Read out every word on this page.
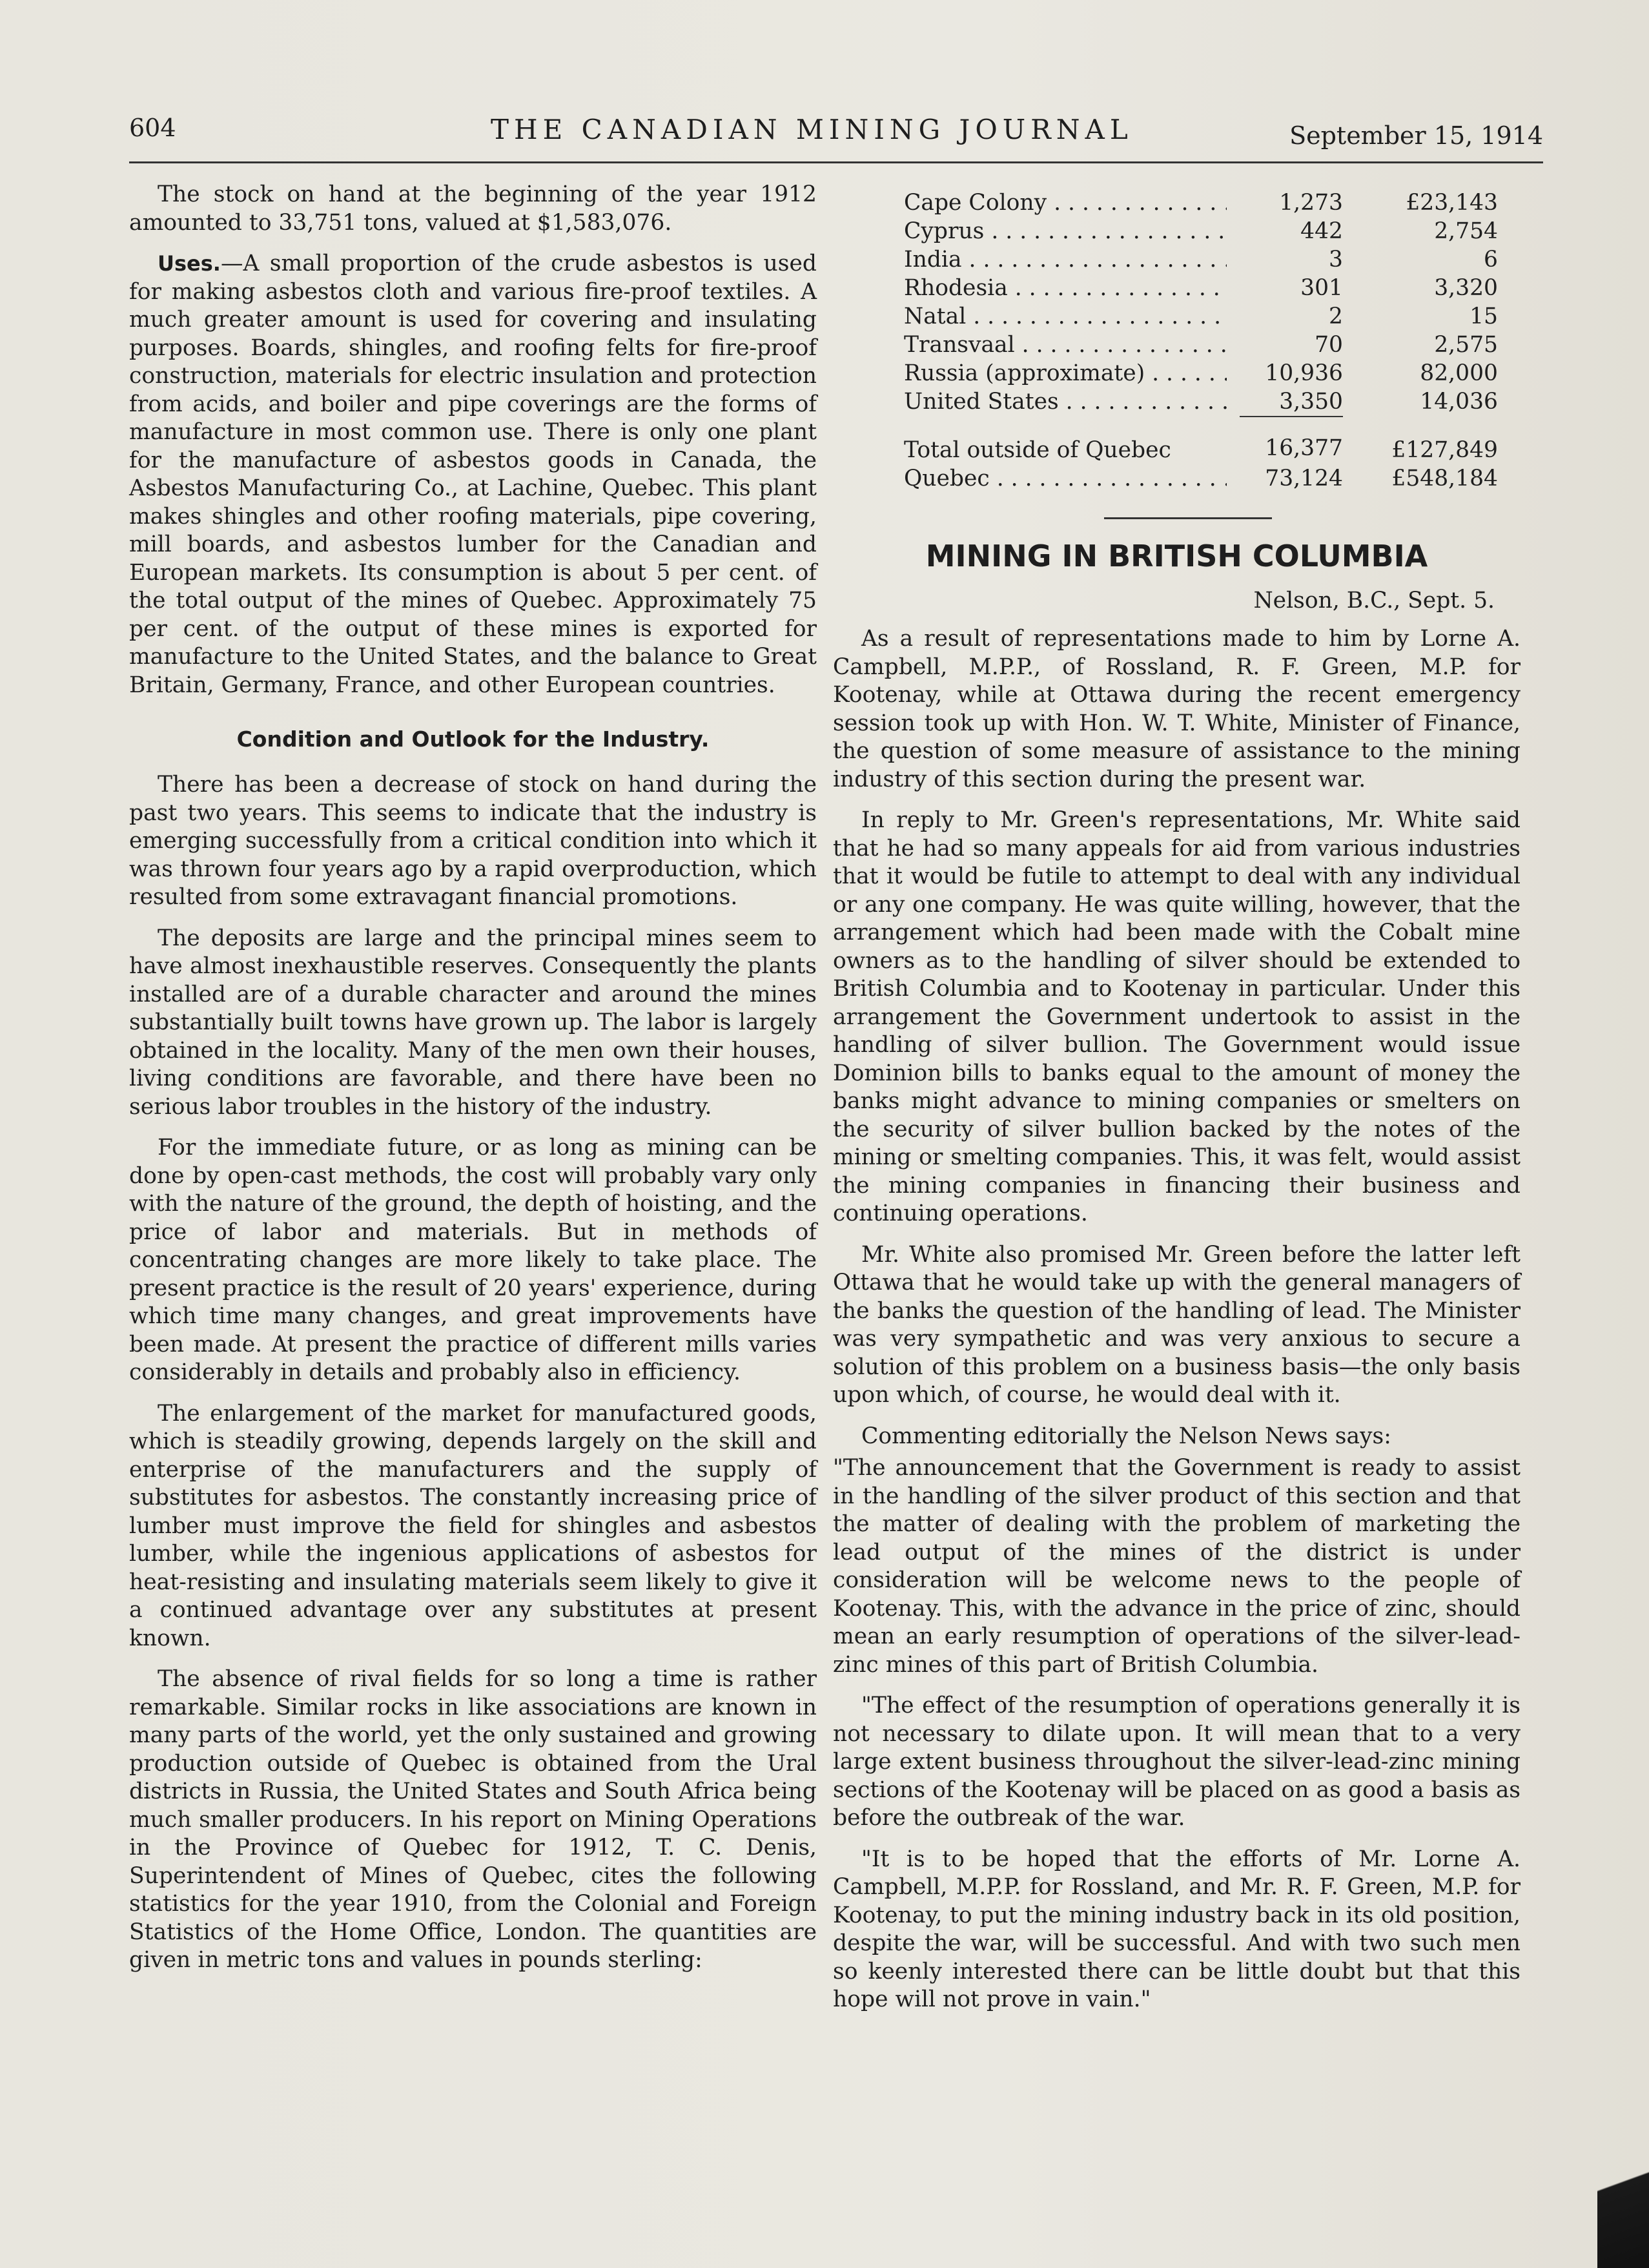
604	THE CANADIAN MINING JOURNAL	September 15, 1914

The stock on hand at the beginning of the year 1912 amounted to 33,751 tons, valued at $1,583,076.

Uses.—A small proportion of the crude asbestos is used for making asbestos cloth and various fire-proof textiles. A much greater amount is used for covering and insulating purposes. Boards, shingles, and roofing felts for fire-proof construction, materials for electric insulation and protection from acids, and boiler and pipe coverings are the forms of manufacture in most common use. There is only one plant for the manufacture of asbestos goods in Canada, the Asbestos Manufacturing Co., at Lachine, Quebec. This plant makes shingles and other roofing materials, pipe covering, mill boards, and asbestos lumber for the Canadian and European markets. Its consumption is about 5 per cent. of the total output of the mines of Quebec. Approximately 75 per cent. of the output of these mines is exported for manufacture to the United States, and the balance to Great Britain, Germany, France, and other European countries.

Condition and Outlook for the Industry.

There has been a decrease of stock on hand during the past two years. This seems to indicate that the industry is emerging successfully from a critical condition into which it was thrown four years ago by a rapid overproduction, which resulted from some extravagant financial promotions.

The deposits are large and the principal mines seem to have almost inexhaustible reserves. Consequently the plants installed are of a durable character and around the mines substantially built towns have grown up. The labor is largely obtained in the locality. Many of the men own their houses, living conditions are favorable, and there have been no serious labor troubles in the history of the industry.

For the immediate future, or as long as mining can be done by open-cast methods, the cost will probably vary only with the nature of the ground, the depth of hoisting, and the price of labor and materials. But in methods of concentrating changes are more likely to take place. The present practice is the result of 20 years' experience, during which time many changes, and great improvements have been made. At present the practice of different mills varies considerably in details and probably also in efficiency.

The enlargement of the market for manufactured goods, which is steadily growing, depends largely on the skill and enterprise of the manufacturers and the supply of substitutes for asbestos. The constantly increasing price of lumber must improve the field for shingles and asbestos lumber, while the ingenious applications of asbestos for heat-resisting and insulating materials seem likely to give it a continued advantage over any substitutes at present known.

The absence of rival fields for so long a time is rather remarkable. Similar rocks in like associations are known in many parts of the world, yet the only sustained and growing production outside of Quebec is obtained from the Ural districts in Russia, the United States and South Africa being much smaller producers. In his report on Mining Operations in the Province of Quebec for 1912, T. C. Denis, Superintendent of Mines of Quebec, cites the following statistics for the year 1910, from the Colonial and Foreign Statistics of the Home Office, London. The quantities are given in metric tons and values in pounds sterling:

Cape Colony . . .	1,273	£23,143

Cyprus . . .	442	2,754

India . . .	3	6

Rhodesia . . .	301	3,320

Natal . . .	2	15

Transvaal . . .	70	2,575

Russia (approximate) . . .	10,936	82,000

United States . . .	3,350	14,036
Total outside of Quebec	16,377	£127,849

Quebec . . .	73,124	£548,184
MINING IN BRITISH COLUMBIA
Nelson, B.C., Sept. 5.

As a result of representations made to him by Lorne A. Campbell, M.P.P., of Rossland, R. F. Green, M.P. for Kootenay, while at Ottawa during the recent emergency session took up with Hon. W. T. White, Minister of Finance, the question of some measure of assistance to the mining industry of this section during the present war.

In reply to Mr. Green's representations, Mr. White said that he had so many appeals for aid from various industries that it would be futile to attempt to deal with any individual or any one company. He was quite willing, however, that the arrangement which had been made with the Cobalt mine owners as to the handling of silver should be extended to British Columbia and to Kootenay in particular. Under this arrangement the Government undertook to assist in the handling of silver bullion. The Government would issue Dominion bills to banks equal to the amount of money the banks might advance to mining companies or smelters on the security of silver bullion backed by the notes of the mining or smelting companies. This, it was felt, would assist the mining companies in financing their business and continuing operations.

Mr. White also promised Mr. Green before the latter left Ottawa that he would take up with the general managers of the banks the question of the handling of lead. The Minister was very sympathetic and was very anxious to secure a solution of this problem on a business basis—the only basis upon which, of course, he would deal with it.

Commenting editorially the Nelson News says:

"The announcement that the Government is ready to assist in the handling of the silver product of this section and that the matter of dealing with the problem of marketing the lead output of the mines of the district is under consideration will be welcome news to the people of Kootenay. This, with the advance in the price of zinc, should mean an early resumption of operations of the silver-lead-zinc mines of this part of British Columbia.

"The effect of the resumption of operations generally it is not necessary to dilate upon. It will mean that to a very large extent business throughout the silver-lead-zinc mining sections of the Kootenay will be placed on as good a basis as before the outbreak of the war.

"It is to be hoped that the efforts of Mr. Lorne A. Campbell, M.P.P. for Rossland, and Mr. R. F. Green, M.P. for Kootenay, to put the mining industry back in its old position, despite the war, will be successful. And with two such men so keenly interested there can be little doubt but that this hope will not prove in vain."
